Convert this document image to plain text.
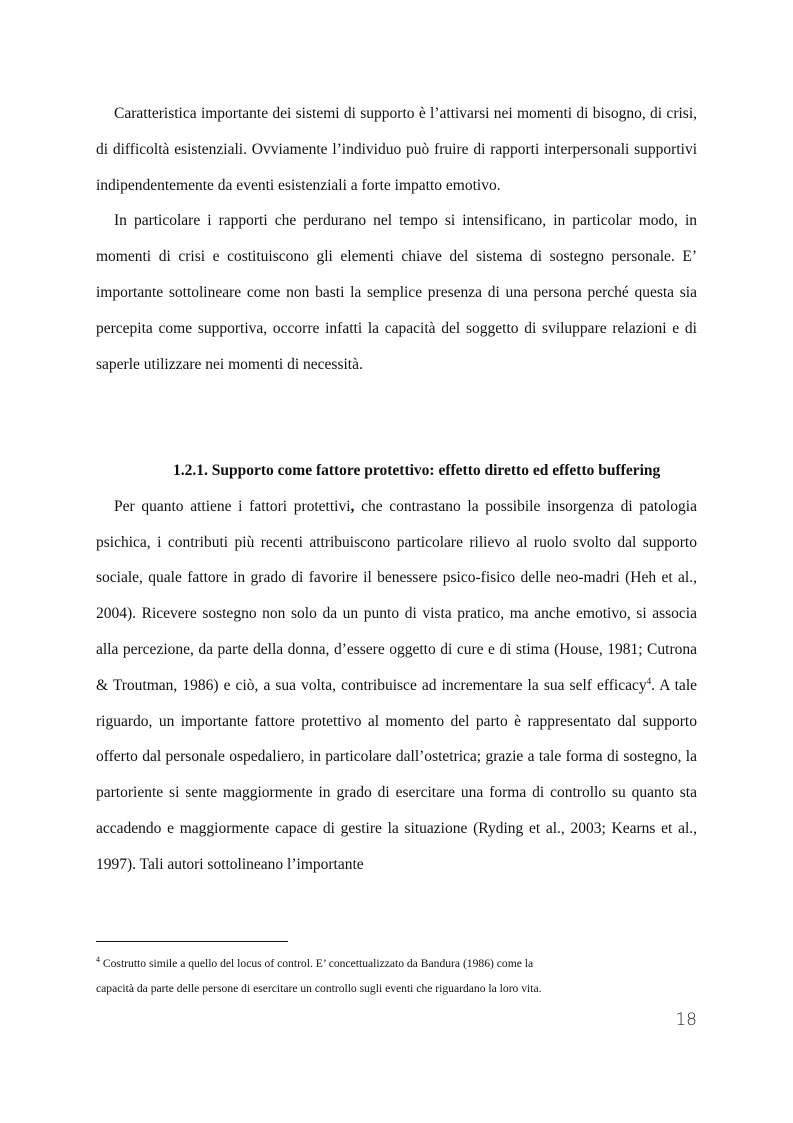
Caratteristica importante dei sistemi di supporto è l’attivarsi nei momenti di bisogno, di crisi, di difficoltà esistenziali. Ovviamente l’individuo può fruire di rapporti interpersonali supportivi indipendentemente da eventi esistenziali a forte impatto emotivo.

In particolare i rapporti che perdurano nel tempo si intensificano, in particolar modo, in momenti di crisi e costituiscono gli elementi chiave del sistema di sostegno personale. E’ importante sottolineare come non basti la semplice presenza di una persona perché questa sia percepita come supportiva, occorre infatti la capacità del soggetto di sviluppare relazioni e di saperle utilizzare nei momenti di necessità.

1.2.1. Supporto come fattore protettivo: effetto diretto ed effetto buffering

Per quanto attiene i fattori protettivi, che contrastano la possibile insorgenza di patologia psichica, i contributi più recenti attribuiscono particolare rilievo al ruolo svolto dal supporto sociale, quale fattore in grado di favorire il benessere psico-fisico delle neo-madri (Heh et al., 2004). Ricevere sostegno non solo da un punto di vista pratico, ma anche emotivo, si associa alla percezione, da parte della donna, d’essere oggetto di cure e di stima (House, 1981; Cutrona & Troutman, 1986) e ciò, a sua volta, contribuisce ad incrementare la sua self efficacy$^4$. A tale riguardo, un importante fattore protettivo al momento del parto è rappresentato dal supporto offerto dal personale ospedaliero, in particolare dall’ostetrica; grazie a tale forma di sostegno, la partoriente si sente maggiormente in grado di esercitare una forma di controllo su quanto sta accadendo e maggiormente capace di gestire la situazione (Ryding et al., 2003; Kearns et al., 1997). Tali autori sottolineano l’importante

$^4$ Costrutto simile a quello del locus of control. E’ concettualizzato da Bandura (1986) come la
capacità da parte delle persone di esercitare un controllo sugli eventi che riguardano la loro vita.

18
